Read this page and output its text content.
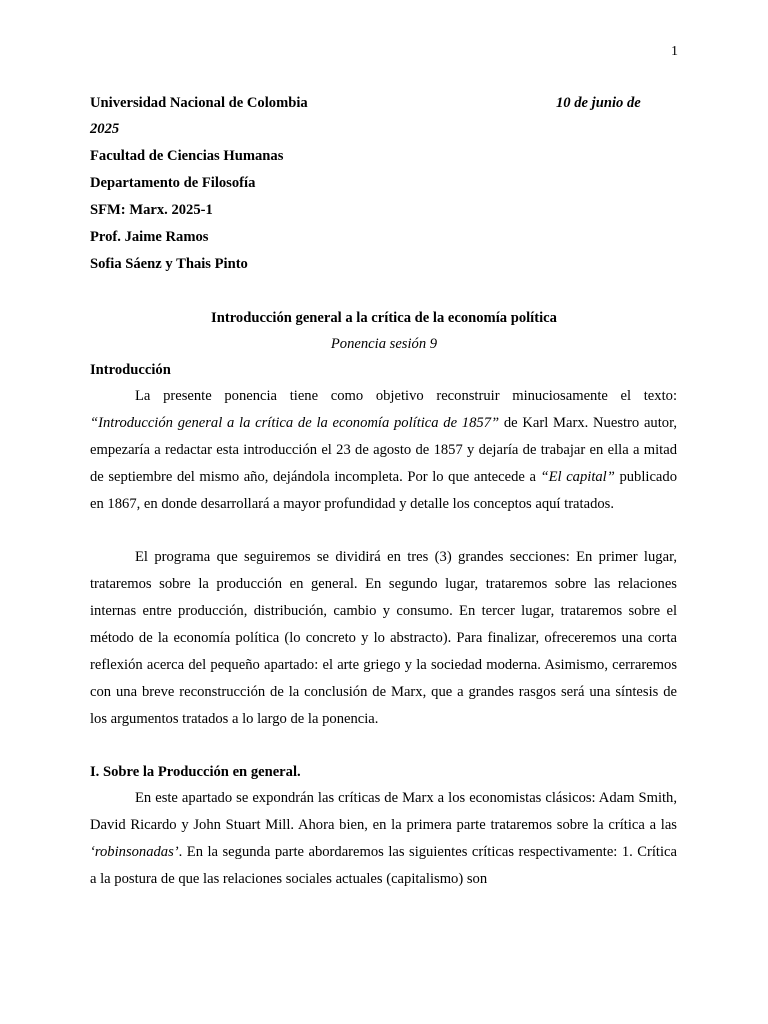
1
Universidad Nacional de Colombia	10 de junio de
2025
Facultad de Ciencias Humanas
Departamento de Filosofía
SFM: Marx. 2025-1
Prof. Jaime Ramos
Sofia Sáenz y Thais Pinto
Introducción general a la crítica de la economía política
Ponencia sesión 9
Introducción

La presente ponencia tiene como objetivo reconstruir minuciosamente el texto: “Introducción general a la crítica de la economía política de 1857” de Karl Marx. Nuestro autor, empezaría a redactar esta introducción el 23 de agosto de 1857 y dejaría de trabajar en ella a mitad de septiembre del mismo año, dejándola incompleta. Por lo que antecede a “El capital” publicado en 1867, en donde desarrollará a mayor profundidad y detalle los conceptos aquí tratados.

El programa que seguiremos se dividirá en tres (3) grandes secciones: En primer lugar, trataremos sobre la producción en general. En segundo lugar, trataremos sobre las relaciones internas entre producción, distribución, cambio y consumo. En tercer lugar, trataremos sobre el método de la economía política (lo concreto y lo abstracto). Para finalizar, ofreceremos una corta reflexión acerca del pequeño apartado: el arte griego y la sociedad moderna. Asimismo, cerraremos con una breve reconstrucción de la conclusión de Marx, que a grandes rasgos será una síntesis de los argumentos tratados a lo largo de la ponencia.

I. Sobre la Producción en general.

En este apartado se expondrán las críticas de Marx a los economistas clásicos: Adam Smith, David Ricardo y John Stuart Mill. Ahora bien, en la primera parte trataremos sobre la crítica a las ‘robinsonadas’. En la segunda parte abordaremos las siguientes críticas respectivamente: 1. Crítica a la postura de que las relaciones sociales actuales (capitalismo) son
